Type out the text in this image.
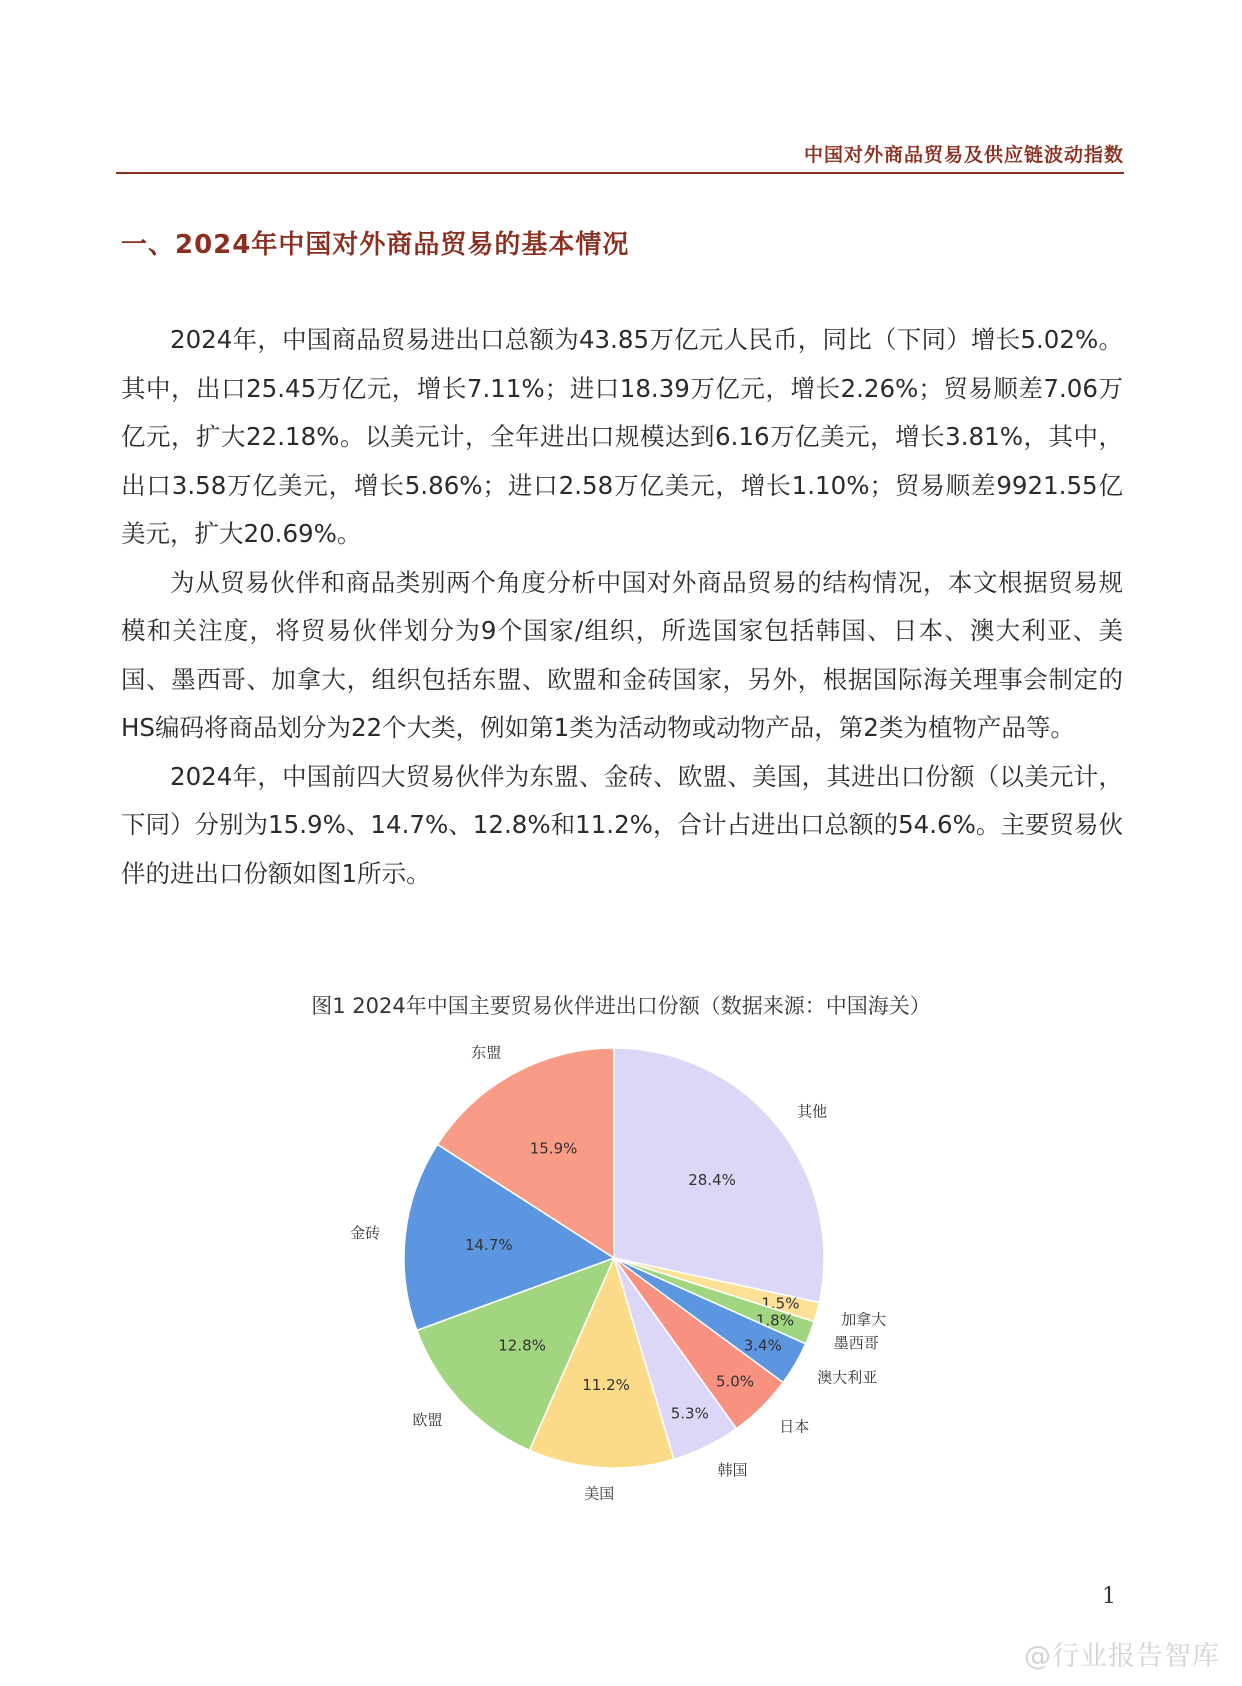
中国对外商品贸易及供应链波动指数
一、2024年中国对外商品贸易的基本情况

2024年，中国商品贸易进出口总额为43.85万亿元人民币，同比（下同）增长5.02%。其中，出口25.45万亿元，增长7.11%；进口18.39万亿元，增长2.26%；贸易顺差7.06万亿元，扩大22.18%。以美元计，全年进出口规模达到6.16万亿美元，增长3.81%，其中，出口3.58万亿美元，增长5.86%；进口2.58万亿美元，增长1.10%；贸易顺差9921.55亿美元，扩大20.69%。

为从贸易伙伴和商品类别两个角度分析中国对外商品贸易的结构情况，本文根据贸易规模和关注度，将贸易伙伴划分为9个国家/组织，所选国家包括韩国、日本、澳大利亚、美国、墨西哥、加拿大，组织包括东盟、欧盟和金砖国家，另外，根据国际海关理事会制定的HS编码将商品划分为22个大类，例如第1类为活动物或动物产品，第2类为植物产品等。

2024年，中国前四大贸易伙伴为东盟、金砖、欧盟、美国，其进出口份额（以美元计，下同）分别为15.9%、14.7%、12.8%和11.2%，合计占进出口总额的54.6%。主要贸易伙伴的进出口份额如图1所示。

图1 2024年中国主要贸易伙伴进出口份额（数据来源：中国海关）
28.4%
其他
1.5%
加拿大
1.8%
墨西哥
3.4%
澳大利亚
5.0%
日本
5.3%
韩国
11.2%
美国
12.8%
欧盟
14.7%
金砖
15.9%
东盟
1
@行业报告智库
